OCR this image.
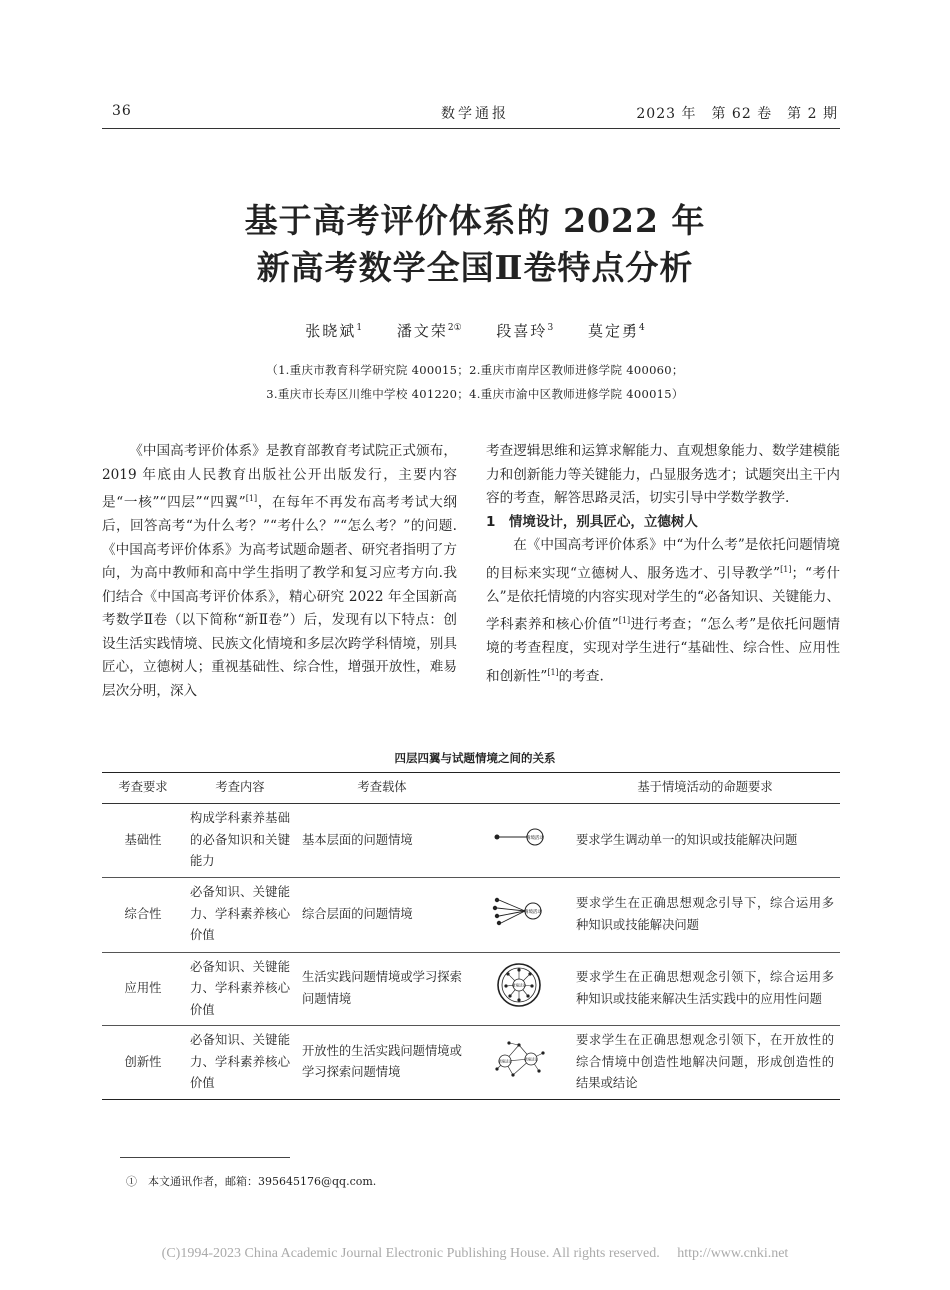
36	数学通报	2023 年　第 62 卷　第 2 期
基于高考评价体系的 2022 年
新高考数学全国Ⅱ卷特点分析
张晓斌$^1$ 潘文荣$^{2①}$ 段喜玲$^3$ 莫定勇$^4$
（1.重庆市教育科学研究院 400015；2.重庆市南岸区教师进修学院 400060；
3.重庆市长寿区川维中学校 401220；4.重庆市渝中区教师进修学院 400015）

《中国高考评价体系》是教育部教育考试院正式颁布，2019 年底由人民教育出版社公开出版发行，主要内容是“一核”“四层”“四翼”[1]，在每年不再发布高考考试大纲后，回答高考“为什么考？”“考什么？”“怎么考？”的问题.《中国高考评价体系》为高考试题命题者、研究者指明了方向，为高中教师和高中学生指明了教学和复习应考方向.我们结合《中国高考评价体系》，精心研究 2022 年全国新高考数学Ⅱ卷（以下简称“新Ⅱ卷”）后，发现有以下特点：创设生活实践情境、民族文化情境和多层次跨学科情境，别具匠心，立德树人；重视基础性、综合性，增强开放性，难易层次分明，深入

考查逻辑思维和运算求解能力、直观想象能力、数学建模能力和创新能力等关键能力，凸显服务选才；试题突出主干内容的考查，解答思路灵活，切实引导中学数学教学.

1　情境设计，别具匠心，立德树人

在《中国高考评价体系》中“为什么考”是依托问题情境的目标来实现“立德树人、服务选才、引导教学”[1]；“考什么”是依托情境的内容实现对学生的“必备知识、关键能力、学科素养和核心价值”[1]进行考查；“怎么考”是依托问题情境的考查程度，实现对学生进行“基础性、综合性、应用性和创新性”[1]的考查.

四层四翼与试题情境之间的关系
考查要求	考查内容	考查载体		基于情境活动的命题要求
基础性	构成学科素养基础的必备知识和关键能力	基本层面的问题情境	情境活动	要求学生调动单一的知识或技能解决问题
综合性	必备知识、关键能力、学科素养核心价值	综合层面的问题情境	情境活动	要求学生在正确思想观念引导下，综合运用多种知识或技能解决问题
应用性	必备知识、关键能力、学科素养核心价值	生活实践问题情境或学习探索问题情境	情境活动	要求学生在正确思想观念引领下，综合运用多种知识或技能来解决生活实践中的应用性问题
创新性	必备知识、关键能力、学科素养核心价值	开放性的生活实践问题情境或学习探索问题情境	情境活动 情境活动	要求学生在正确思想观念引领下，在开放性的综合情境中创造性地解决问题，形成创造性的结果或结论
①　本文通讯作者，邮箱：395645176@qq.com.
(C)1994-2023 China Academic Journal Electronic Publishing House. All rights reserved.　 http://www.cnki.net
